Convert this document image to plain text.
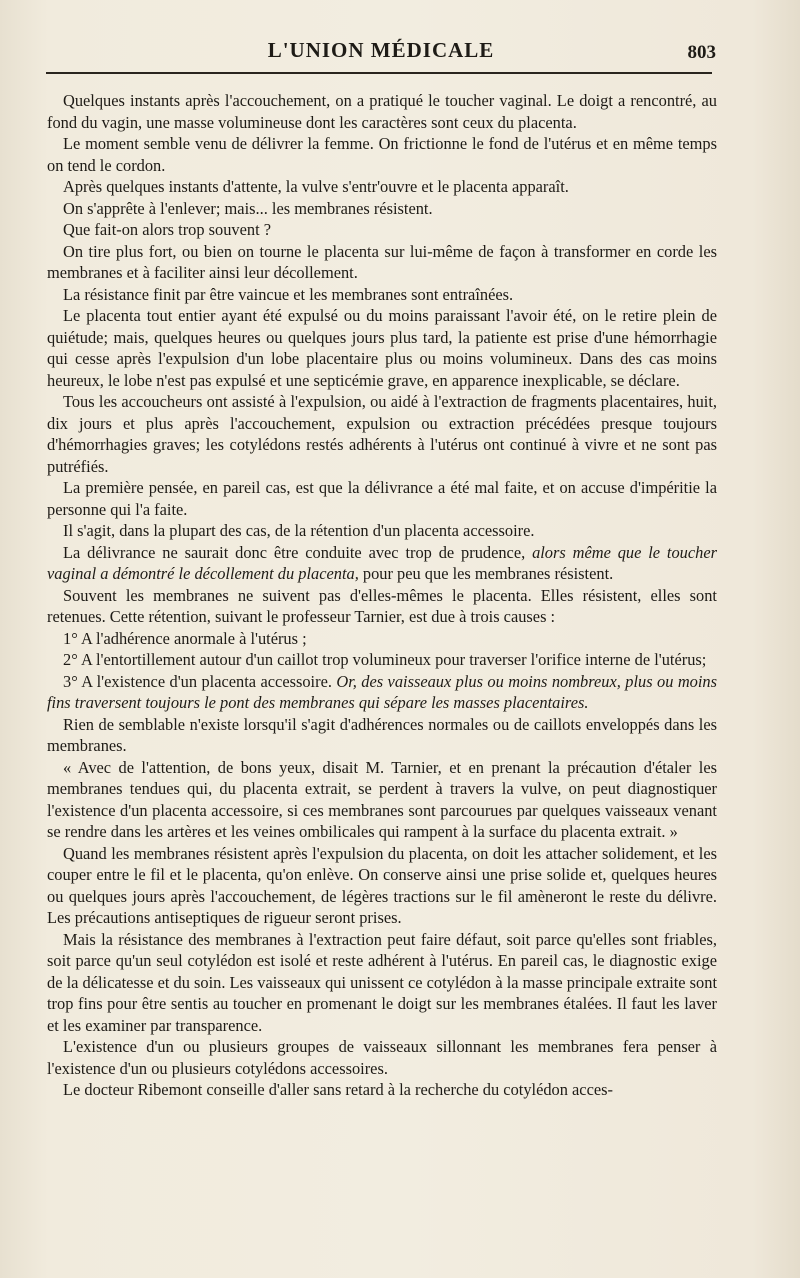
L'UNION MÉDICALE	803

Quelques instants après l'accouchement, on a pratiqué le toucher vaginal. Le doigt a rencontré, au fond du vagin, une masse volumineuse dont les caractères sont ceux du placenta.

Le moment semble venu de délivrer la femme. On frictionne le fond de l'utérus et en même temps on tend le cordon.

Après quelques instants d'attente, la vulve s'entr'ouvre et le placenta apparaît.

On s'apprête à l'enlever; mais... les membranes résistent.

Que fait-on alors trop souvent ?

On tire plus fort, ou bien on tourne le placenta sur lui-même de façon à transformer en corde les membranes et à faciliter ainsi leur décollement.

La résistance finit par être vaincue et les membranes sont entraînées.

Le placenta tout entier ayant été expulsé ou du moins paraissant l'avoir été, on le retire plein de quiétude; mais, quelques heures ou quelques jours plus tard, la patiente est prise d'une hémorrhagie qui cesse après l'expulsion d'un lobe placentaire plus ou moins volumineux. Dans des cas moins heureux, le lobe n'est pas expulsé et une septicémie grave, en apparence inexplicable, se déclare.

Tous les accoucheurs ont assisté à l'expulsion, ou aidé à l'extraction de fragments placentaires, huit, dix jours et plus après l'accouchement, expulsion ou extraction précédées presque toujours d'hémorrhagies graves; les cotylédons restés adhérents à l'utérus ont continué à vivre et ne sont pas putréfiés.

La première pensée, en pareil cas, est que la délivrance a été mal faite, et on accuse d'impéritie la personne qui l'a faite.

Il s'agit, dans la plupart des cas, de la rétention d'un placenta accessoire.

La délivrance ne saurait donc être conduite avec trop de prudence, alors même que le toucher vaginal a démontré le décollement du placenta, pour peu que les membranes résistent.

Souvent les membranes ne suivent pas d'elles-mêmes le placenta. Elles résistent, elles sont retenues. Cette rétention, suivant le professeur Tarnier, est due à trois causes :

1° A l'adhérence anormale à l'utérus ;

2° A l'entortillement autour d'un caillot trop volumineux pour traverser l'orifice interne de l'utérus;

3° A l'existence d'un placenta accessoire. Or, des vaisseaux plus ou moins nombreux, plus ou moins fins traversent toujours le pont des membranes qui sépare les masses placentaires.

Rien de semblable n'existe lorsqu'il s'agit d'adhérences normales ou de caillots enveloppés dans les membranes.

« Avec de l'attention, de bons yeux, disait M. Tarnier, et en prenant la précaution d'étaler les membranes tendues qui, du placenta extrait, se perdent à travers la vulve, on peut diagnostiquer l'existence d'un placenta accessoire, si ces membranes sont parcourues par quelques vaisseaux venant se rendre dans les artères et les veines ombilicales qui rampent à la surface du placenta extrait. »

Quand les membranes résistent après l'expulsion du placenta, on doit les attacher solidement, et les couper entre le fil et le placenta, qu'on enlève. On conserve ainsi une prise solide et, quelques heures ou quelques jours après l'accouchement, de légères tractions sur le fil amèneront le reste du délivre. Les précautions antiseptiques de rigueur seront prises.

Mais la résistance des membranes à l'extraction peut faire défaut, soit parce qu'elles sont friables, soit parce qu'un seul cotylédon est isolé et reste adhérent à l'utérus. En pareil cas, le diagnostic exige de la délicatesse et du soin. Les vaisseaux qui unissent ce cotylédon à la masse principale extraite sont trop fins pour être sentis au toucher en promenant le doigt sur les membranes étalées. Il faut les laver et les examiner par transparence.

L'existence d'un ou plusieurs groupes de vaisseaux sillonnant les membranes fera penser à l'existence d'un ou plusieurs cotylédons accessoires.

Le docteur Ribemont conseille d'aller sans retard à la recherche du cotylédon acces-
